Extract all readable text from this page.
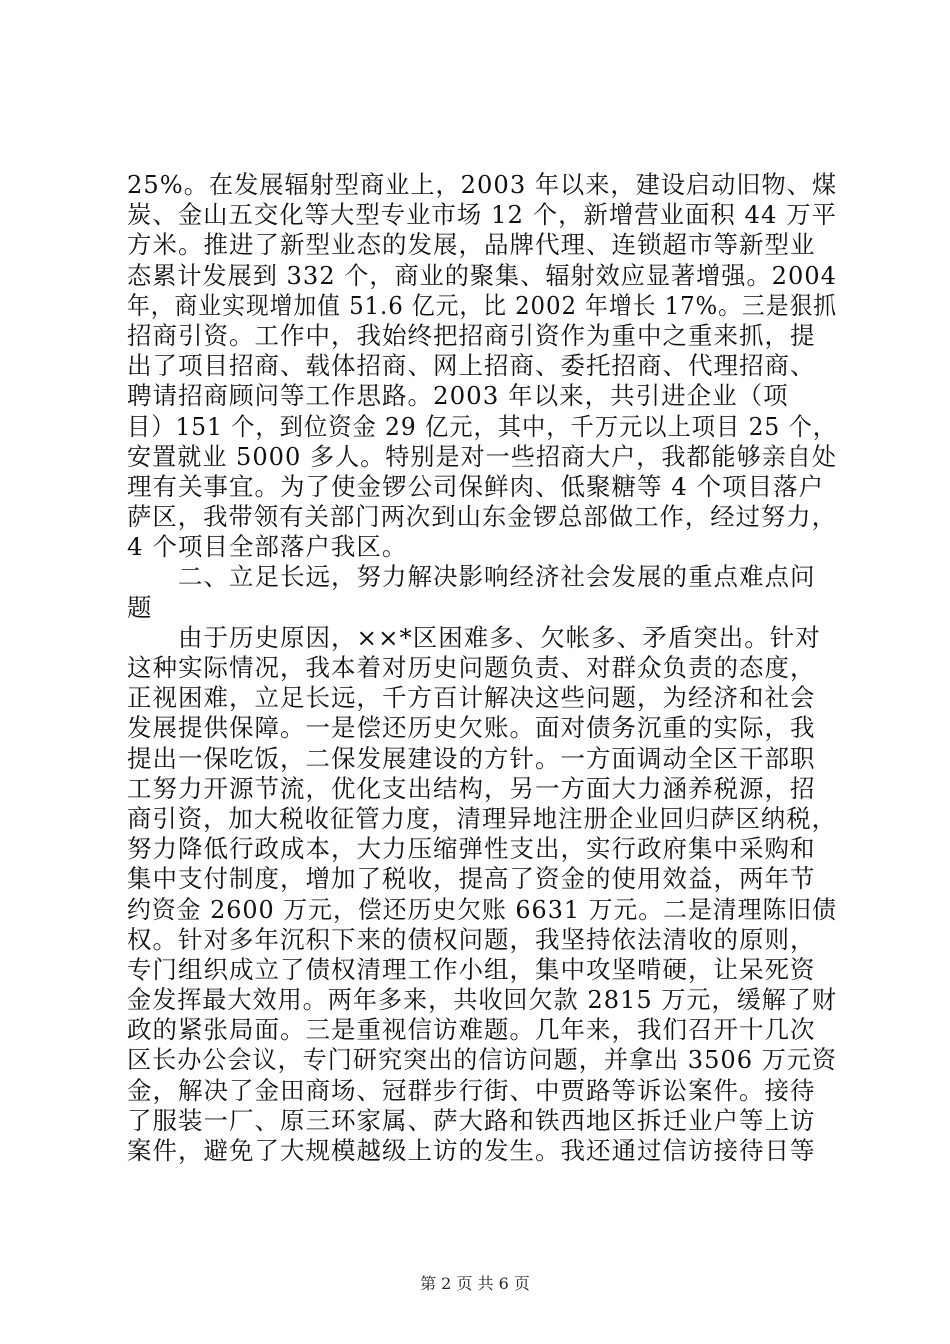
25%。在发展辐射型商业上，2003 年以来，建设启动旧物、煤
炭、金山五交化等大型专业市场 12 个，新增营业面积 44 万平
方米。推进了新型业态的发展，品牌代理、连锁超市等新型业
态累计发展到 332 个，商业的聚集、辐射效应显著增强。2004
年，商业实现增加值 51.6 亿元，比 2002 年增长 17%。三是狠抓
招商引资。工作中，我始终把招商引资作为重中之重来抓，提
出了项目招商、载体招商、网上招商、委托招商、代理招商、
聘请招商顾问等工作思路。2003 年以来，共引进企业（项
目）151 个，到位资金 29 亿元，其中，千万元以上项目 25 个，
安置就业 5000 多人。特别是对一些招商大户，我都能够亲自处
理有关事宜。为了使金锣公司保鲜肉、低聚糖等 4 个项目落户
萨区，我带领有关部门两次到山东金锣总部做工作，经过努力，
4 个项目全部落户我区。
　　二、立足长远，努力解决影响经济社会发展的重点难点问
题
　　由于历史原因，××*区困难多、欠帐多、矛盾突出。针对
这种实际情况，我本着对历史问题负责、对群众负责的态度，
正视困难，立足长远，千方百计解决这些问题，为经济和社会
发展提供保障。一是偿还历史欠账。面对债务沉重的实际，我
提出一保吃饭，二保发展建设的方针。一方面调动全区干部职
工努力开源节流，优化支出结构，另一方面大力涵养税源，招
商引资，加大税收征管力度，清理异地注册企业回归萨区纳税，
努力降低行政成本，大力压缩弹性支出，实行政府集中采购和
集中支付制度，增加了税收，提高了资金的使用效益，两年节
约资金 2600 万元，偿还历史欠账 6631 万元。二是清理陈旧债
权。针对多年沉积下来的债权问题，我坚持依法清收的原则，
专门组织成立了债权清理工作小组，集中攻坚啃硬，让呆死资
金发挥最大效用。两年多来，共收回欠款 2815 万元，缓解了财
政的紧张局面。三是重视信访难题。几年来，我们召开十几次
区长办公会议，专门研究突出的信访问题，并拿出 3506 万元资
金，解决了金田商场、冠群步行街、中贾路等诉讼案件。接待
了服装一厂、原三环家属、萨大路和铁西地区拆迁业户等上访
案件，避免了大规模越级上访的发生。我还通过信访接待日等
第 2 页 共 6 页
